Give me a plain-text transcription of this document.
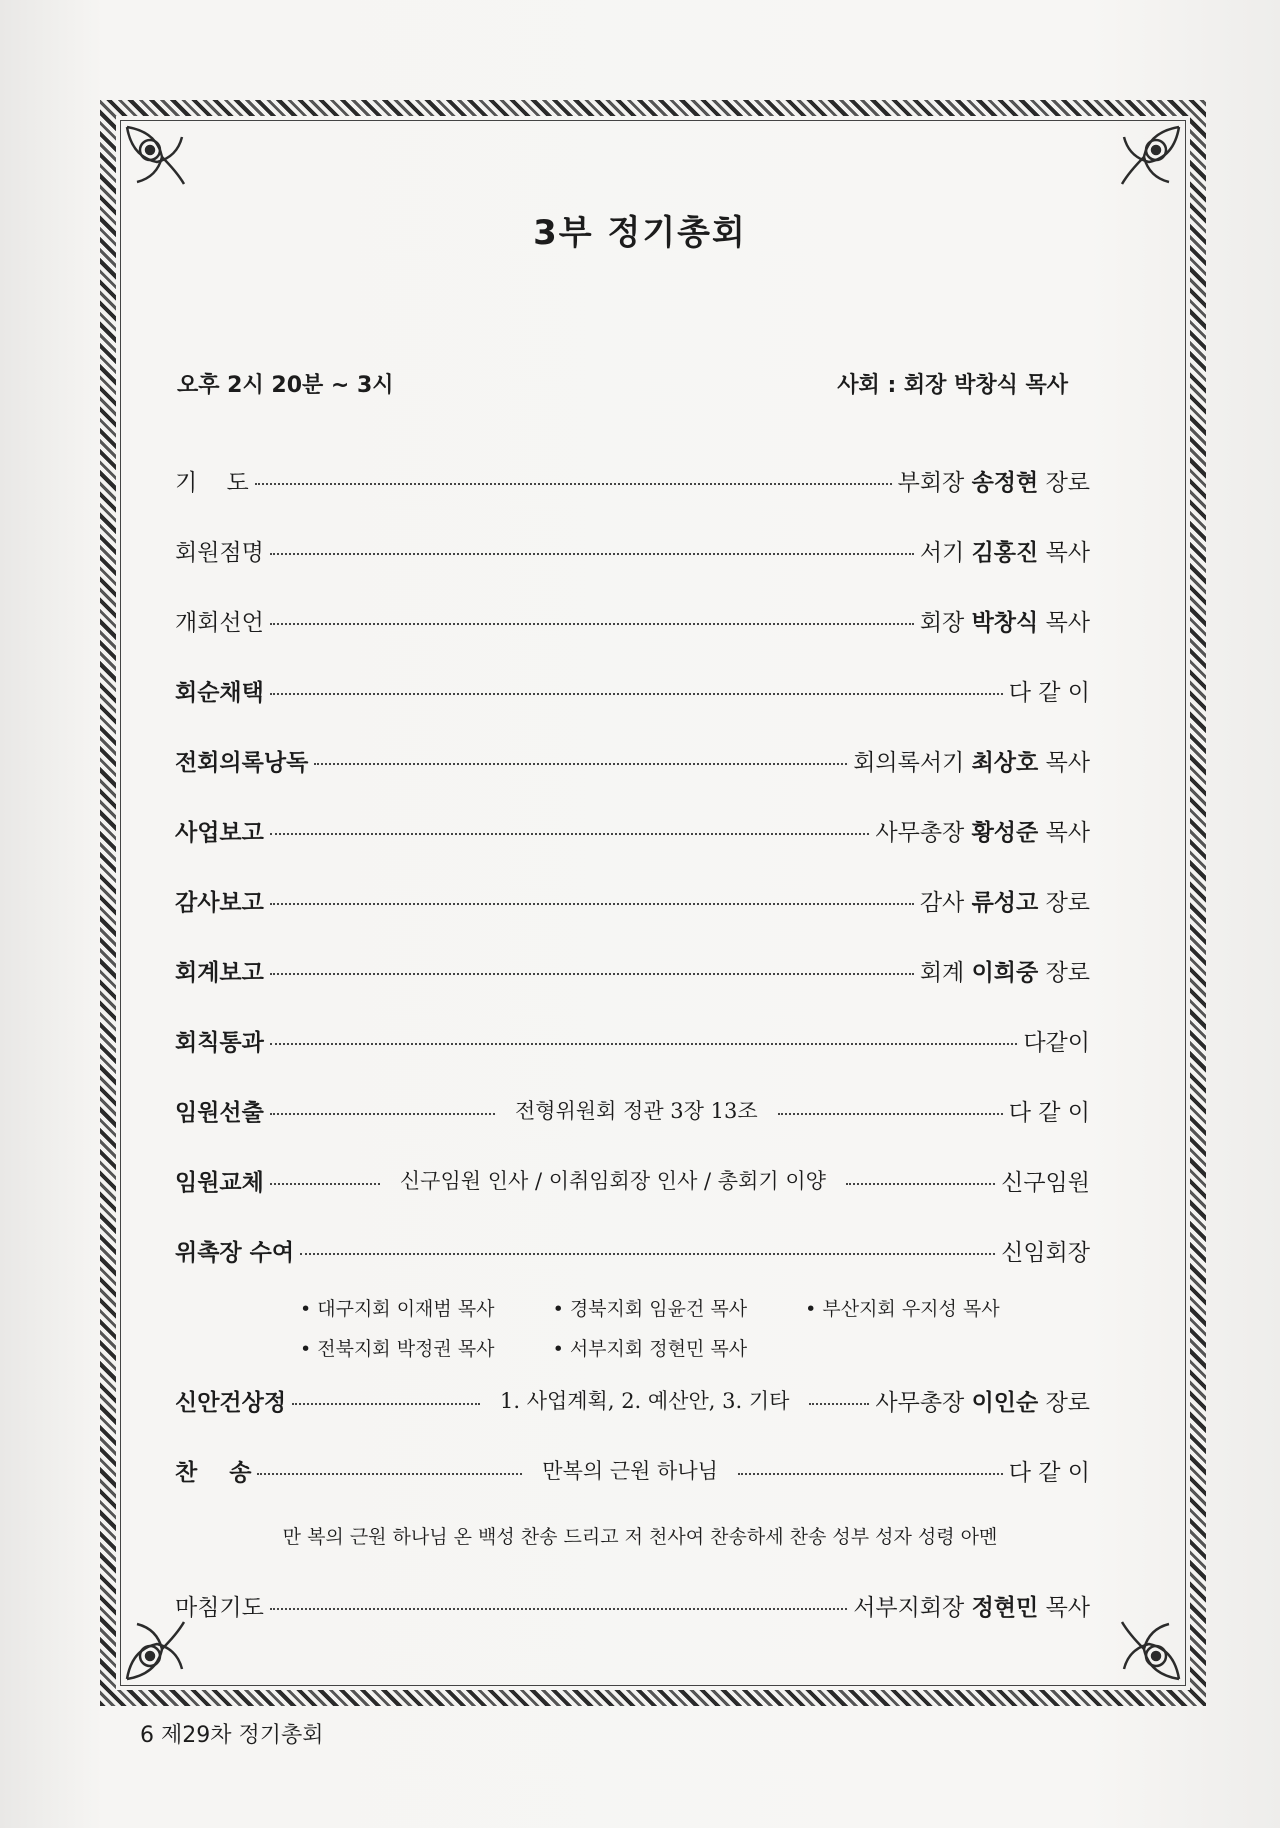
3부 정기총회
오후 2시 20분 ~ 3시	사회 : 회장 박창식 목사
기    도	부회장 송정현 장로
회원점명	서기 김홍진 목사
개회선언	회장 박창식 목사
회순채택	다 같 이
전회의록낭독	회의록서기 최상호 목사
사업보고	사무총장 황성준 목사
감사보고	감사 류성고 장로
회계보고	회계 이희중 장로
회칙통과	다같이
임원선출	전형위원회 정관 3장 13조	다 같 이
임원교체	신구임원 인사 / 이취임회장 인사 / 총회기 이양	신구임원
위촉장 수여	신임회장
신안건상정	1. 사업계획, 2. 예산안, 3. 기타	사무총장 이인순 장로
찬    송	만복의 근원 하나님	다 같 이
마침기도	서부지회장 정현민 목사
• 대구지회 이재범 목사	• 경북지회 임윤건 목사	• 부산지회 우지성 목사
• 전북지회 박정권 목사	• 서부지회 정현민 목사
만 복의 근원 하나님 온 백성 찬송 드리고 저 천사여 찬송하세 찬송 성부 성자 성령 아멘
6 제29차 정기총회
